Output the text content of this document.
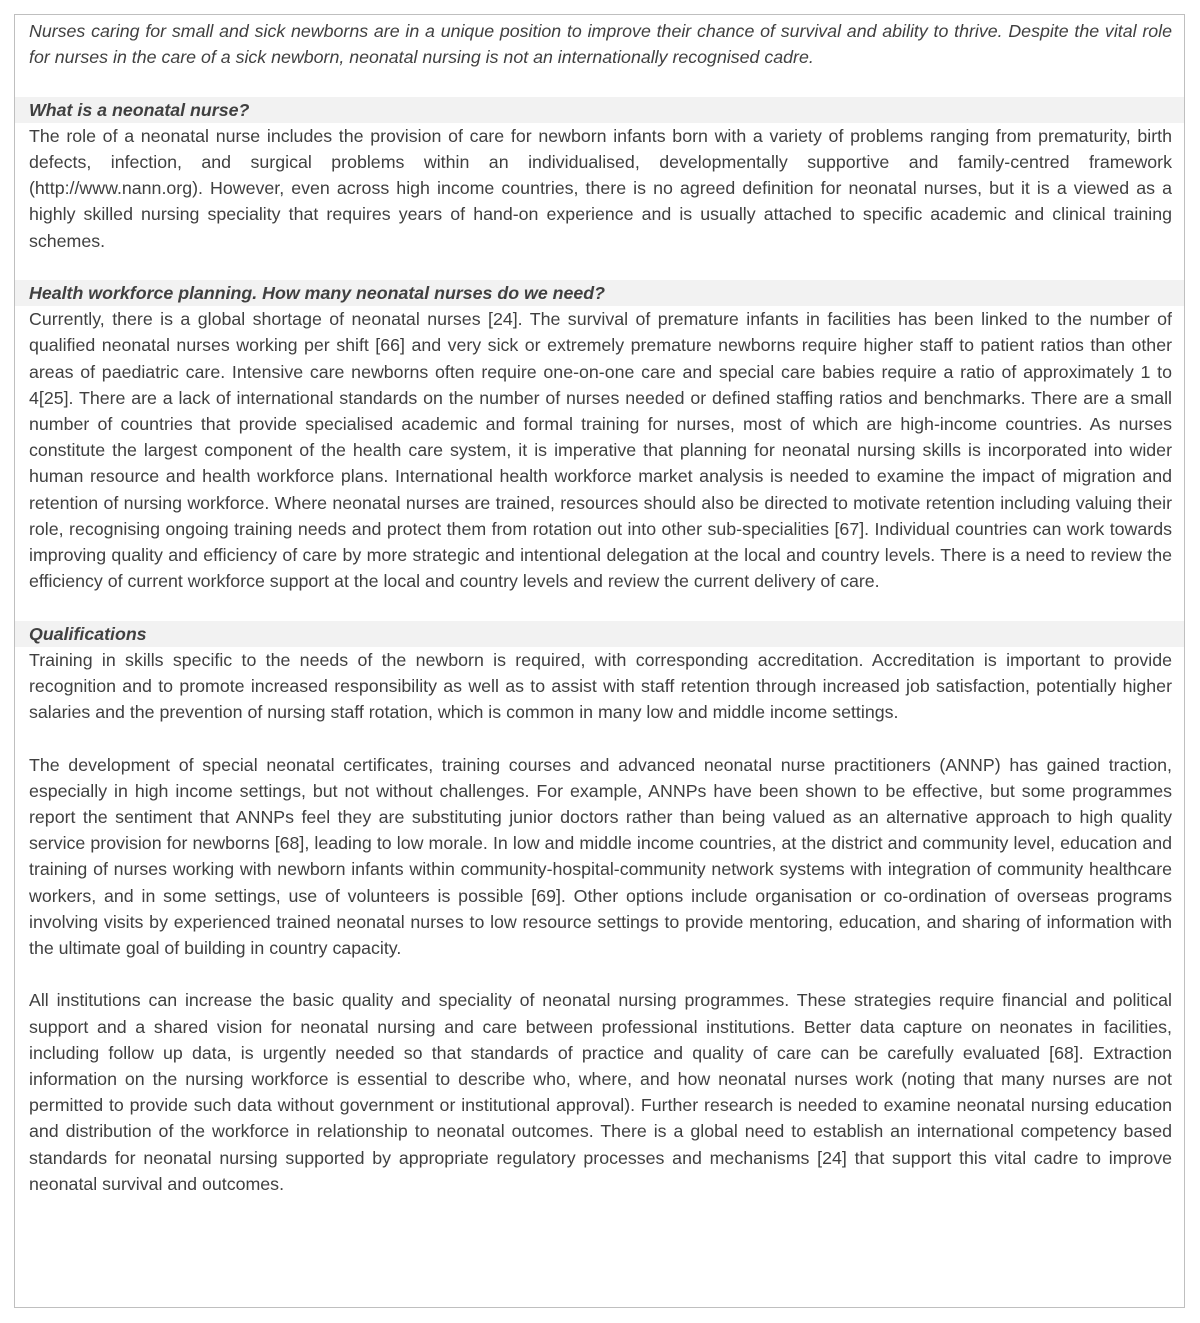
Nurses caring for small and sick newborns are in a unique position to improve their chance of survival and ability to thrive. Despite the vital role for nurses in the care of a sick newborn, neonatal nursing is not an internationally recognised cadre.

What is a neonatal nurse?

The role of a neonatal nurse includes the provision of care for newborn infants born with a variety of problems ranging from prematurity, birth defects, infection, and surgical problems within an individualised, developmentally supportive and family-centred framework (http://www.nann.org). However, even across high income countries, there is no agreed definition for neonatal nurses, but it is a viewed as a highly skilled nursing speciality that requires years of hand-on experience and is usually attached to specific academic and clinical training schemes.

Health workforce planning. How many neonatal nurses do we need?

Currently, there is a global shortage of neonatal nurses [24]. The survival of premature infants in facilities has been linked to the number of qualified neonatal nurses working per shift [66] and very sick or extremely premature newborns require higher staff to patient ratios than other areas of paediatric care. Intensive care newborns often require one-on-one care and special care babies require a ratio of approximately 1 to 4[25]. There are a lack of international standards on the number of nurses needed or defined staffing ratios and benchmarks. There are a small number of countries that provide specialised academic and formal training for nurses, most of which are high-income countries. As nurses constitute the largest component of the health care system, it is imperative that planning for neonatal nursing skills is incorporated into wider human resource and health workforce plans. International health workforce market analysis is needed to examine the impact of migration and retention of nursing workforce. Where neonatal nurses are trained, resources should also be directed to motivate retention including valuing their role, recognising ongoing training needs and protect them from rotation out into other sub-specialities [67]. Individual countries can work towards improving quality and efficiency of care by more strategic and intentional delegation at the local and country levels. There is a need to review the efficiency of current workforce support at the local and country levels and review the current delivery of care.

Qualifications

Training in skills specific to the needs of the newborn is required, with corresponding accreditation. Accreditation is important to provide recognition and to promote increased responsibility as well as to assist with staff retention through increased job satisfaction, potentially higher salaries and the prevention of nursing staff rotation, which is common in many low and middle income settings.

The development of special neonatal certificates, training courses and advanced neonatal nurse practitioners (ANNP) has gained traction, especially in high income settings, but not without challenges. For example, ANNPs have been shown to be effective, but some programmes report the sentiment that ANNPs feel they are substituting junior doctors rather than being valued as an alternative approach to high quality service provision for newborns [68], leading to low morale. In low and middle income countries, at the district and community level, education and training of nurses working with newborn infants within community-hospital-community network systems with integration of community healthcare workers, and in some settings, use of volunteers is possible [69]. Other options include organisation or co-ordination of overseas programs involving visits by experienced trained neonatal nurses to low resource settings to provide mentoring, education, and sharing of information with the ultimate goal of building in country capacity.

All institutions can increase the basic quality and speciality of neonatal nursing programmes. These strategies require financial and political support and a shared vision for neonatal nursing and care between professional institutions. Better data capture on neonates in facilities, including follow up data, is urgently needed so that standards of practice and quality of care can be carefully evaluated [68]. Extraction information on the nursing workforce is essential to describe who, where, and how neonatal nurses work (noting that many nurses are not permitted to provide such data without government or institutional approval). Further research is needed to examine neonatal nursing education and distribution of the workforce in relationship to neonatal outcomes. There is a global need to establish an international competency based standards for neonatal nursing supported by appropriate regulatory processes and mechanisms [24] that support this vital cadre to improve neonatal survival and outcomes.
